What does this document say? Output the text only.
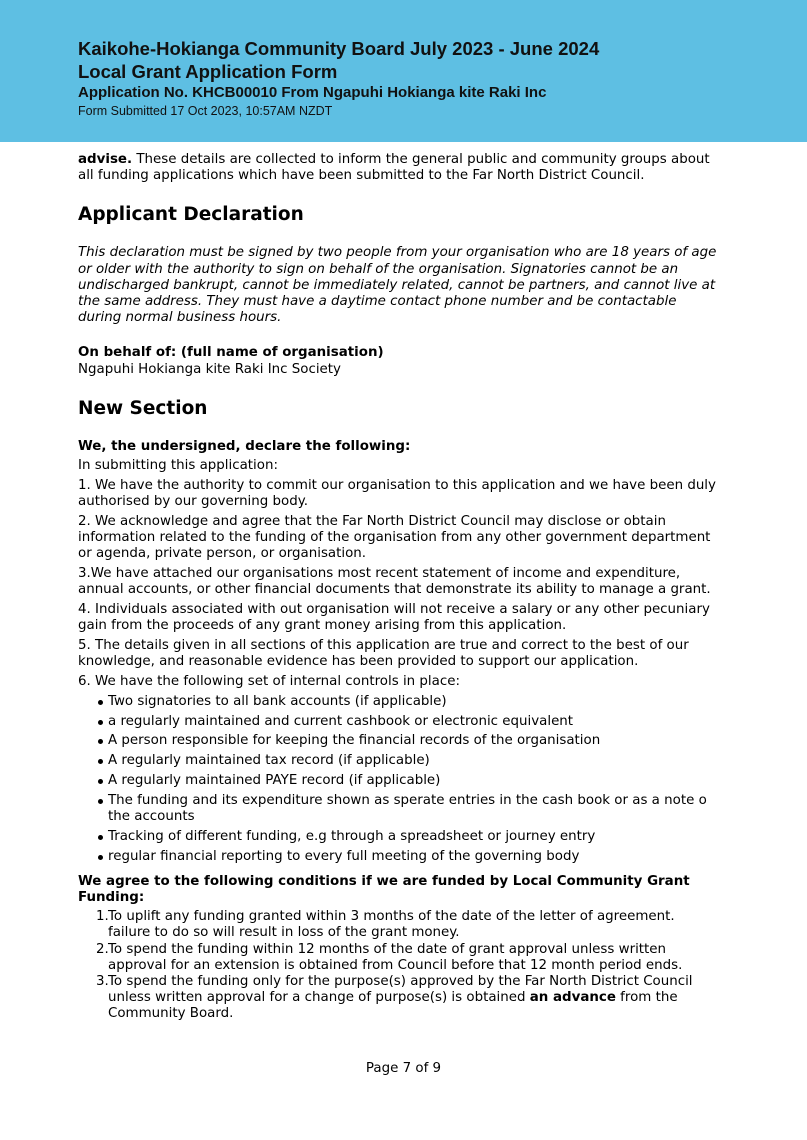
Kaikohe-Hokianga Community Board July 2023 - June 2024
Local Grant Application Form
Application No. KHCB00010 From Ngapuhi Hokianga kite Raki Inc
Form Submitted 17 Oct 2023, 10:57AM NZDT

advise. These details are collected to inform the general public and community groups about all funding applications which have been submitted to the Far North District Council.

Applicant Declaration

This declaration must be signed by two people from your organisation who are 18 years of age or older with the authority to sign on behalf of the organisation. Signatories cannot be an undischarged bankrupt, cannot be immediately related, cannot be partners, and cannot live at the same address. They must have a daytime contact phone number and be contactable during normal business hours.

On behalf of: (full name of organisation)

Ngapuhi Hokianga kite Raki Inc Society

New Section

We, the undersigned, declare the following:

In submitting this application:

1. We have the authority to commit our organisation to this application and we have been duly authorised by our governing body.

2. We acknowledge and agree that the Far North District Council may disclose or obtain information related to the funding of the organisation from any other government department or agenda, private person, or organisation.

3.We have attached our organisations most recent statement of income and expenditure, annual accounts, or other financial documents that demonstrate its ability to manage a grant.

4. Individuals associated with out organisation will not receive a salary or any other pecuniary gain from the proceeds of any grant money arising from this application.

5. The details given in all sections of this application are true and correct to the best of our knowledge, and reasonable evidence has been provided to support our application.

6. We have the following set of internal controls in place:

Two signatories to all bank accounts (if applicable)
a regularly maintained and current cashbook or electronic equivalent
A person responsible for keeping the financial records of the organisation
A regularly maintained tax record (if applicable)
A regularly maintained PAYE record (if applicable)
The funding and its expenditure shown as sperate entries in the cash book or as a note o the accounts
Tracking of different funding, e.g through a spreadsheet or journey entry
regular financial reporting to every full meeting of the governing body

We agree to the following conditions if we are funded by Local Community Grant Funding:

1. To uplift any funding granted within 3 months of the date of the letter of agreement. failure to do so will result in loss of the grant money.
2. To spend the funding within 12 months of the date of grant approval unless written approval for an extension is obtained from Council before that 12 month period ends.
3. To spend the funding only for the purpose(s) approved by the Far North District Council unless written approval for a change of purpose(s) is obtained an advance from the Community Board.
Page 7 of 9
